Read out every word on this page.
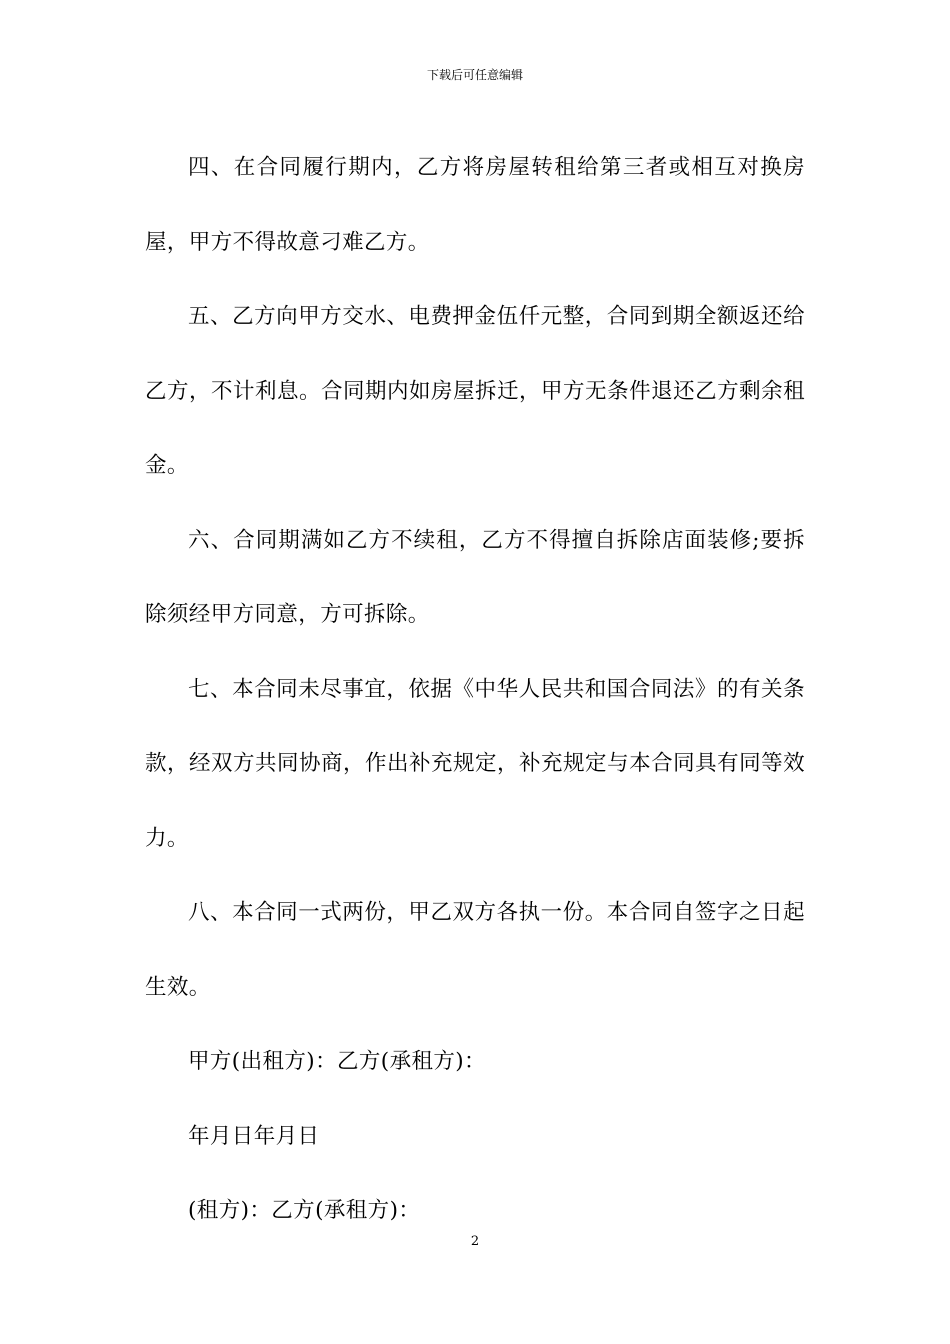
下载后可任意编辑

四、在合同履行期内，乙方将房屋转租给第三者或相互对换房屋，甲方不得故意刁难乙方。

五、乙方向甲方交水、电费押金伍仟元整，合同到期全额返还给乙方，不计利息。合同期内如房屋拆迁，甲方无条件退还乙方剩余租金。

六、合同期满如乙方不续租，乙方不得擅自拆除店面装修;要拆除须经甲方同意，方可拆除。

七、本合同未尽事宜，依据《中华人民共和国合同法》的有关条款，经双方共同协商，作出补充规定，补充规定与本合同具有同等效力。

八、本合同一式两份，甲乙双方各执一份。本合同自签字之日起生效。

甲方(出租方)：乙方(承租方)：

年月日年月日

(租方)：乙方(承租方)：

2
